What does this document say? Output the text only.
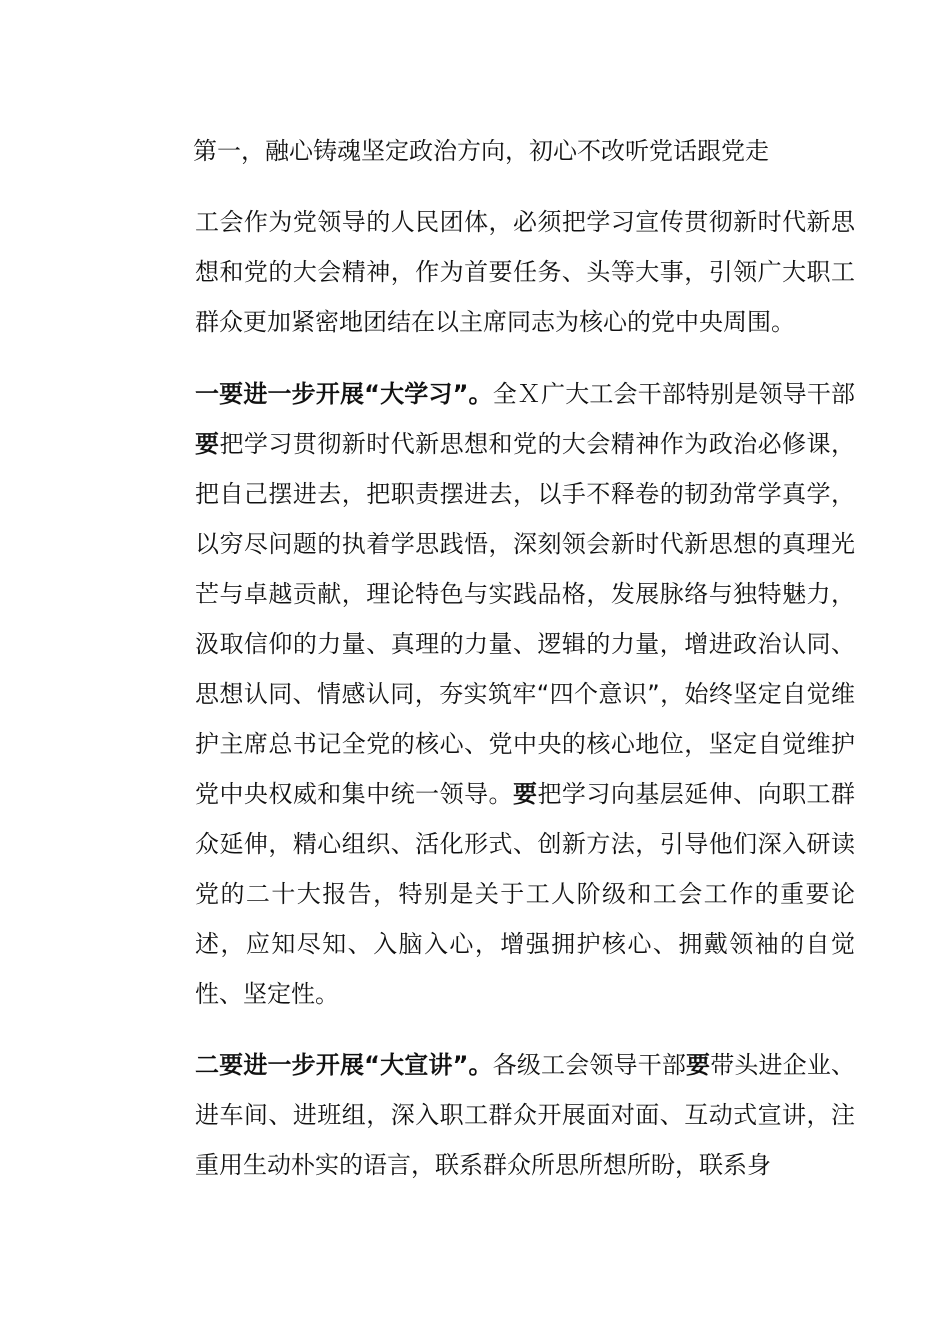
第一，融心铸魂坚定政治方向，初心不改听党话跟党走

工会作为党领导的人民团体，必须把学习宣传贯彻新时代新思想和党的大会精神，作为首要任务、头等大事，引领广大职工群众更加紧密地团结在以主席同志为核心的党中央周围。

一要进一步开展“大学习”。全Ｘ广大工会干部特别是领导干部要把学习贯彻新时代新思想和党的大会精神作为政治必修课，把自己摆进去，把职责摆进去，以手不释卷的韧劲常学真学，以穷尽问题的执着学思践悟，深刻领会新时代新思想的真理光芒与卓越贡献，理论特色与实践品格，发展脉络与独特魅力，汲取信仰的力量、真理的力量、逻辑的力量，增进政治认同、思想认同、情感认同，夯实筑牢“四个意识”，始终坚定自觉维护主席总书记全党的核心、党中央的核心地位，坚定自觉维护党中央权威和集中统一领导。要把学习向基层延伸、向职工群众延伸，精心组织、活化形式、创新方法，引导他们深入研读党的二十大报告，特别是关于工人阶级和工会工作的重要论述，应知尽知、入脑入心，增强拥护核心、拥戴领袖的自觉性、坚定性。

二要进一步开展“大宣讲”。各级工会领导干部要带头进企业、进车间、进班组，深入职工群众开展面对面、互动式宣讲，注重用生动朴实的语言，联系群众所思所想所盼，联系身
